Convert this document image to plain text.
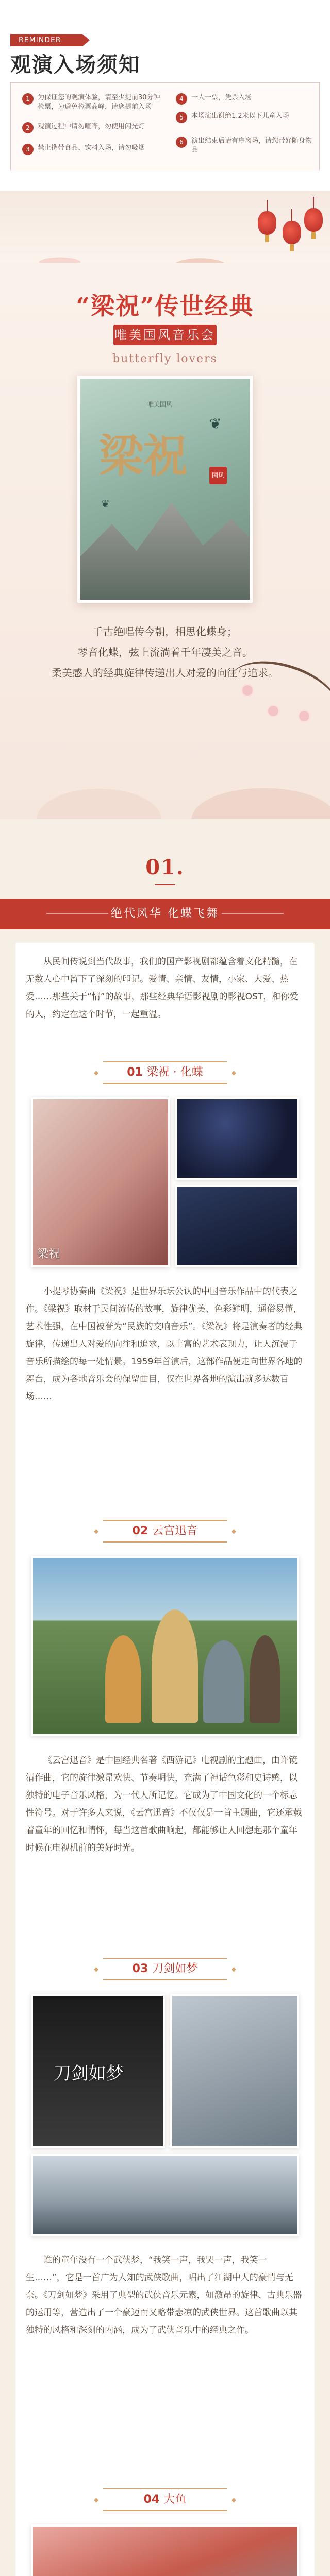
REMINDER
观演入场须知
1	为保证您的观演体验，请至少提前30分钟检票，为避免检票高峰，请您提前入场
2	观演过程中请勿喧哗，勿使用闪光灯
3	禁止携带食品、饮料入场，请勿吸烟
4	一人一票，凭票入场
5	本场演出谢绝1.2米以下儿童入场
6	演出结束后请有序离场，请您带好随身物品
“梁祝”传世经典
唯美国风音乐会
butterfly lovers
唯美国风
梁祝	国风
❦
❦

千古绝唱传今朝，相思化蝶身；

琴音化蝶，弦上流淌着千年凄美之音。

柔美感人的经典旋律传递出人对爱的向往与追求。

01.
绝代风华 化蝶飞舞

从民间传说到当代故事，我们的国产影视剧都蕴含着文化精髓，在无数人心中留下了深刻的印记。爱情、亲情、友情，小家、大爱、热爱……那些关于“情”的故事，那些经典华语影视剧的影视OST，和你爱的人，约定在这个时节，一起重温。

◆ 01 梁祝 · 化蝶 ◆
梁祝

小提琴协奏曲《梁祝》是世界乐坛公认的中国音乐作品中的代表之作。《梁祝》取材于民间流传的故事，旋律优美、色彩鲜明，通俗易懂，艺术性强，在中国被誉为“民族的交响音乐”。《梁祝》将是演奏者的经典旋律，传递出人对爱的向往和追求，以丰富的艺术表现力，让人沉浸于音乐所描绘的每一处情景。1959年首演后，这部作品便走向世界各地的舞台，成为各地音乐会的保留曲目，仅在世界各地的演出就多达数百场……

◆ 02 云宫迅音 ◆

《云宫迅音》是中国经典名著《西游记》电视剧的主题曲，由许镜清作曲，它的旋律激昂欢快、节奏明快，充满了神话色彩和史诗感，以独特的电子音乐风格，为一代人所记忆。它成为了中国文化的一个标志性符号。对于许多人来说，《云宫迅音》不仅仅是一首主题曲，它还承载着童年的回忆和情怀，每当这首歌曲响起，都能够让人回想起那个童年时候在电视机前的美好时光。

◆ 03 刀剑如梦 ◆
刀剑如梦

谁的童年没有一个武侠梦，“我笑一声，我哭一声，我笑一生……”，它是一首广为人知的武侠歌曲，唱出了江湖中人的豪情与无奈。《刀剑如梦》采用了典型的武侠音乐元素，如激昂的旋律、古典乐器的运用等，营造出了一个豪迈而又略带悲凉的武侠世界。这首歌曲以其独特的风格和深刻的内涵，成为了武侠音乐中的经典之作。

◆ 04 大鱼 ◆
